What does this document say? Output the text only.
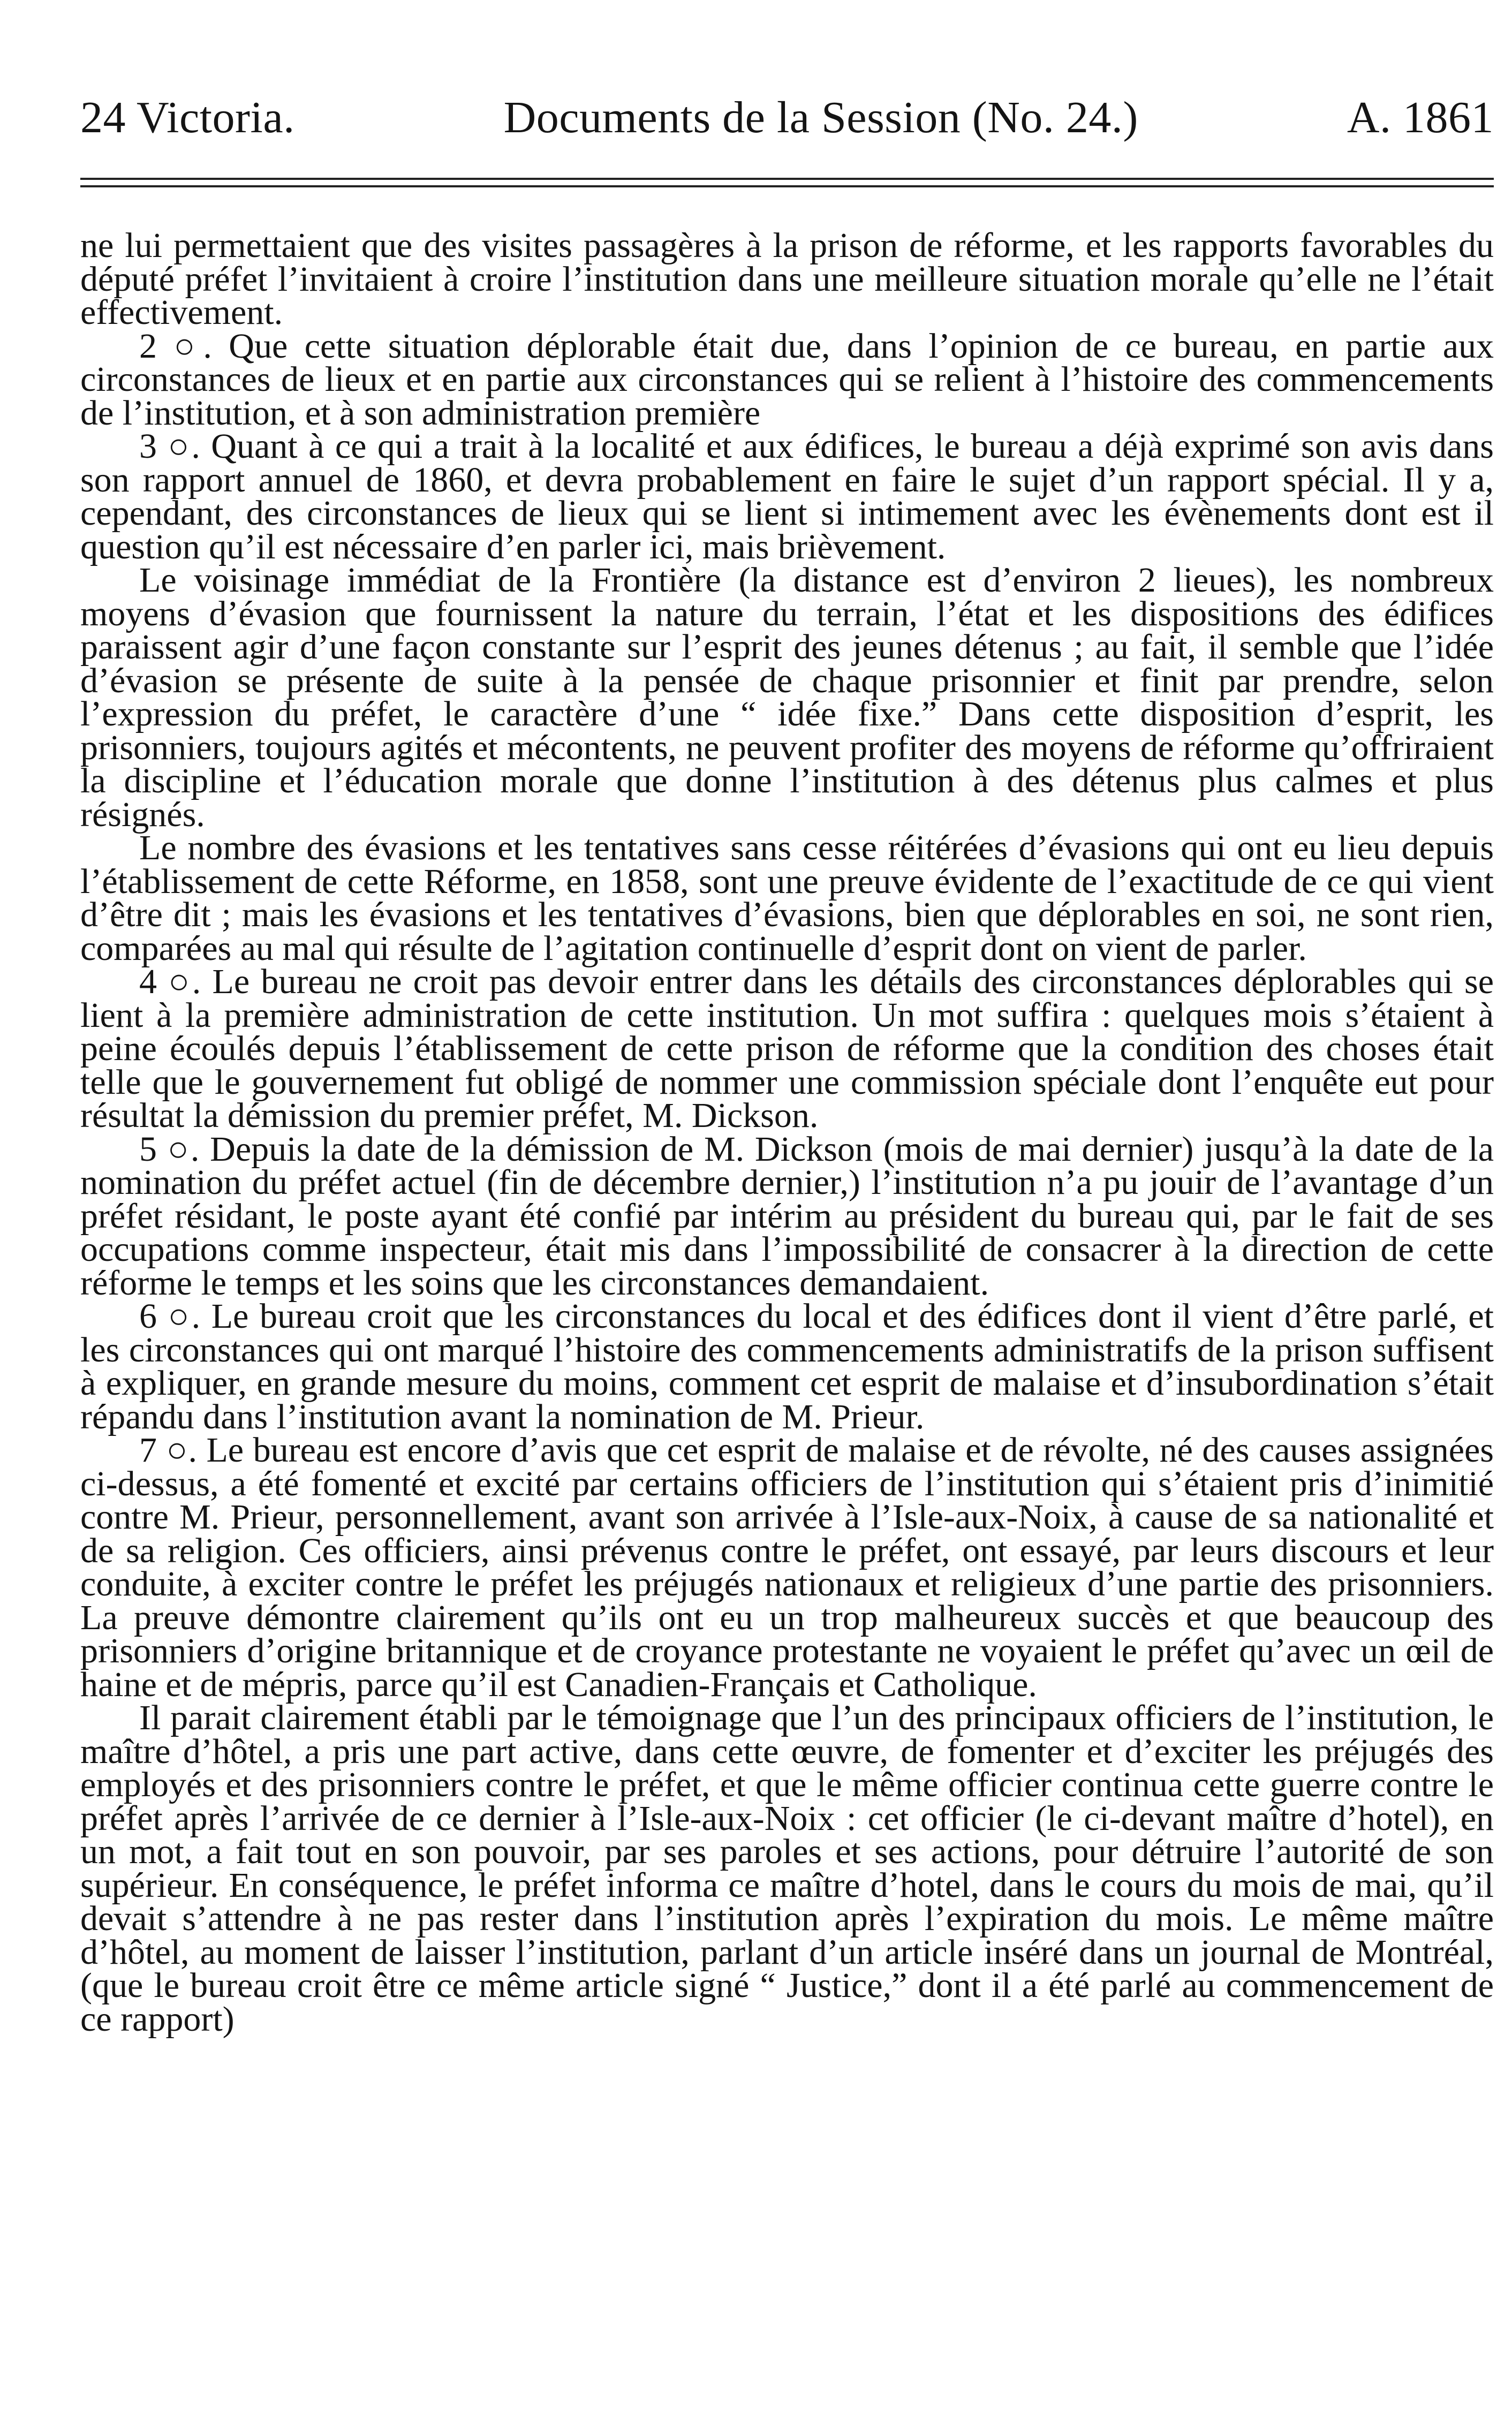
24 Victoria.	Documents de la Session (No. 24.)	A. 1861

ne lui permettaient que des visites passagères à la prison de réforme, et les rapports favorables du député préfet l’invitaient à croire l’institution dans une meilleure situation morale qu’elle ne l’était effectivement.

2 ○. Que cette situation déplorable était due, dans l’opinion de ce bureau, en partie aux circonstances de lieux et en partie aux circonstances qui se relient à l’histoire des commencements de l’institution, et à son administration première

3 ○. Quant à ce qui a trait à la localité et aux édifices, le bureau a déjà exprimé son avis dans son rapport annuel de 1860, et devra probablement en faire le sujet d’un rapport spécial. Il y a, cependant, des circonstances de lieux qui se lient si intimement avec les évènements dont est il question qu’il est nécessaire d’en parler ici, mais brièvement.

Le voisinage immédiat de la Frontière (la distance est d’environ 2 lieues), les nombreux moyens d’évasion que fournissent la nature du terrain, l’état et les dispositions des édifices paraissent agir d’une façon constante sur l’esprit des jeunes détenus ; au fait, il semble que l’idée d’évasion se présente de suite à la pensée de chaque prisonnier et finit par prendre, selon l’expression du préfet, le caractère d’une “ idée fixe.” Dans cette disposition d’esprit, les prisonniers, toujours agités et mécontents, ne peuvent profiter des moyens de réforme qu’offriraient la discipline et l’éducation morale que donne l’institution à des détenus plus calmes et plus résignés.

Le nombre des évasions et les tentatives sans cesse réitérées d’évasions qui ont eu lieu depuis l’établissement de cette Réforme, en 1858, sont une preuve évidente de l’exactitude de ce qui vient d’être dit ; mais les évasions et les tentatives d’évasions, bien que déplorables en soi, ne sont rien, comparées au mal qui résulte de l’agitation continuelle d’esprit dont on vient de parler.

4 ○. Le bureau ne croit pas devoir entrer dans les détails des circonstances déplorables qui se lient à la première administration de cette institution. Un mot suffira : quelques mois s’étaient à peine écoulés depuis l’établissement de cette prison de réforme que la condition des choses était telle que le gouvernement fut obligé de nommer une commission spéciale dont l’enquête eut pour résultat la démission du premier préfet, M. Dickson.

5 ○. Depuis la date de la démission de M. Dickson (mois de mai dernier) jusqu’à la date de la nomination du préfet actuel (fin de décembre dernier,) l’institution n’a pu jouir de l’avantage d’un préfet résidant, le poste ayant été confié par intérim au président du bureau qui, par le fait de ses occupations comme inspecteur, était mis dans l’impossibilité de consacrer à la direction de cette réforme le temps et les soins que les circonstances demandaient.

6 ○. Le bureau croit que les circonstances du local et des édifices dont il vient d’être parlé, et les circonstances qui ont marqué l’histoire des commencements administratifs de la prison suffisent à expliquer, en grande mesure du moins, comment cet esprit de malaise et d’insubordination s’était répandu dans l’institution avant la nomination de M. Prieur.

7 ○. Le bureau est encore d’avis que cet esprit de malaise et de révolte, né des causes assignées ci-dessus, a été fomenté et excité par certains officiers de l’institution qui s’étaient pris d’inimitié contre M. Prieur, personnellement, avant son arrivée à l’Isle-aux-Noix, à cause de sa nationalité et de sa religion. Ces officiers, ainsi prévenus contre le préfet, ont essayé, par leurs discours et leur conduite, à exciter contre le préfet les préjugés nationaux et religieux d’une partie des prisonniers. La preuve démontre clairement qu’ils ont eu un trop malheureux succès et que beaucoup des prisonniers d’origine britannique et de croyance protestante ne voyaient le préfet qu’avec un œil de haine et de mépris, parce qu’il est Canadien-Français et Catholique.

Il parait clairement établi par le témoignage que l’un des principaux officiers de l’institution, le maître d’hôtel, a pris une part active, dans cette œuvre, de fomenter et d’exciter les préjugés des employés et des prisonniers contre le préfet, et que le même officier continua cette guerre contre le préfet après l’arrivée de ce dernier à l’Isle-aux-Noix : cet officier (le ci-devant maître d’hotel), en un mot, a fait tout en son pouvoir, par ses paroles et ses actions, pour détruire l’autorité de son supérieur. En conséquence, le préfet informa ce maître d’hotel, dans le cours du mois de mai, qu’il devait s’attendre à ne pas rester dans l’institution après l’expiration du mois. Le même maître d’hôtel, au moment de laisser l’institution, parlant d’un article inséré dans un journal de Montréal, (que le bureau croit être ce même article signé “ Justice,” dont il a été parlé au commencement de ce rapport)
